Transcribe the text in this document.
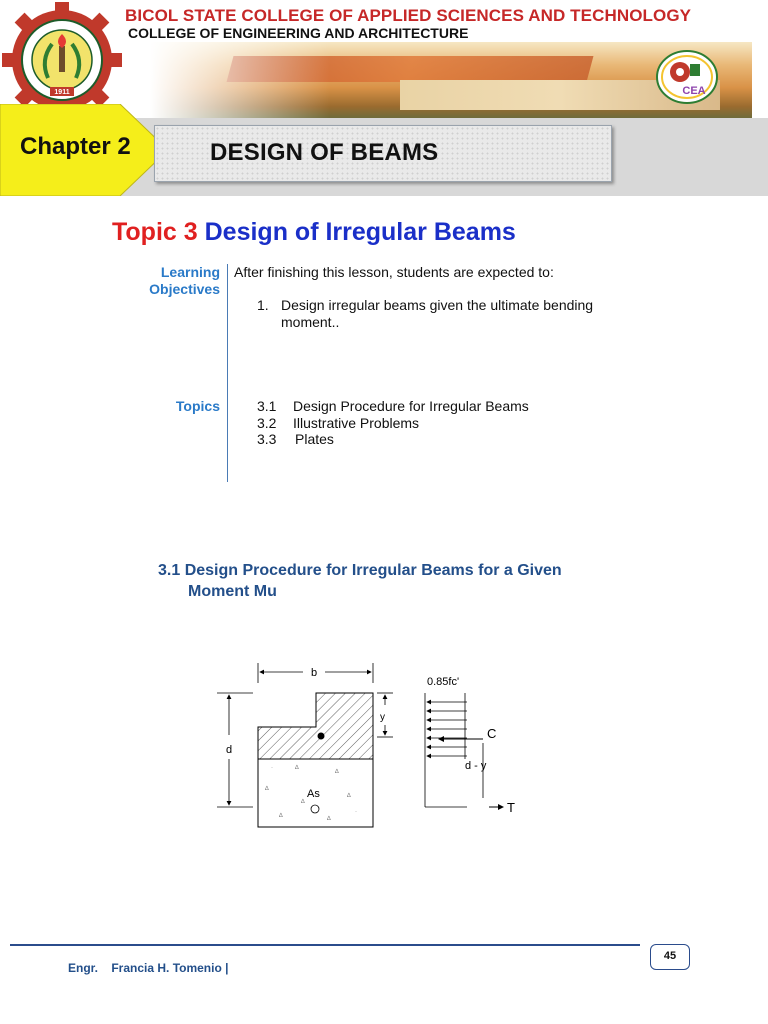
BICOL STATE COLLEGE OF APPLIED SCIENCES AND TECHNOLOGY
COLLEGE OF ENGINEERING AND ARCHITECTURE
1911	CEA
Chapter 2	DESIGN OF BEAMS
Topic 3 Design of Irregular Beams
Learning Objectives
After finishing this lesson, students are expected to:
1. Design irregular beams given the ultimate bending
moment..
Topics	3.1 Design Procedure for Irregular Beams
3.2 Illustrative Problems
3.3 Plates
3.1 Design Procedure for Irregular Beams for a Given
Moment Mu
b
d
∆
∆
∆
∆
∆
∆	∆
·
·
As
y
0.85fc'
C
d - y
T
Engr.    Francia H. Tomenio |
45
